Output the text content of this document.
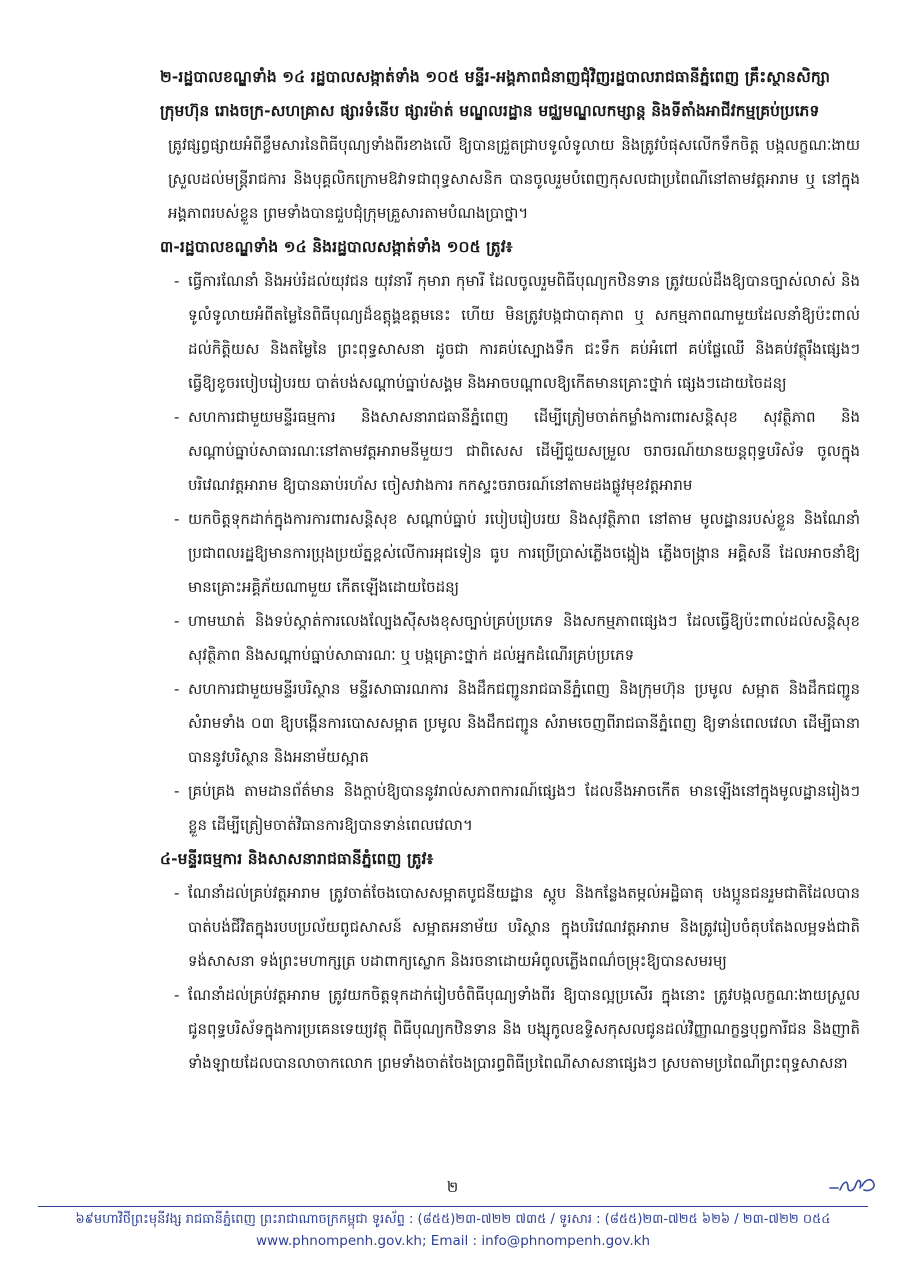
២-រដ្ឋបាលខណ្ឌទាំង ១៤ រដ្ឋបាលសង្កាត់ទាំង ១០៥ មន្ទីរ-អង្គភាពជំនាញជុំវិញរដ្ឋបាលរាជធានីភ្នំពេញ គ្រឹះស្ថានសិក្សា ក្រុមហ៊ុន រោងចក្រ-សហគ្រាស ផ្សារទំនើប ផ្សារម៉ាត់ មណ្ឌលរដ្ឋាន មជ្ឈមណ្ឌលកម្សាន្ត និងទីតាំងអាជីវកម្មគ្រប់ប្រភេទ

ត្រូវផ្សព្វផ្សាយអំពីខ្លឹមសារនៃពិធីបុណ្យទាំងពីរខាងលើ ឱ្យបានជ្រួតជ្រាបទូលំទូលាយ និងត្រូវបំផុសលើកទឹកចិត្ត បង្កលក្ខណៈងាយស្រួលដល់មន្ត្រីរាជការ និងបុគ្គលិកក្រោមឱវាទជាពុទ្ធសាសនិក បានចូលរួមបំពេញកុសលជាប្រពៃណីនៅតាមវត្តអារាម ឬ នៅក្នុងអង្គភាពរបស់ខ្លួន ព្រមទាំងបានជួបជុំក្រុមគ្រួសារតាមបំណងប្រាថ្នា។

៣-រដ្ឋបាលខណ្ឌទាំង ១៤ និងរដ្ឋបាលសង្កាត់ទាំង ១០៥ ត្រូវ៖

- ធ្វើការណែនាំ និងអប់រំដល់យុវជន យុវនារី កុមារា កុមារី ដែលចូលរួមពិធីបុណ្យកឋិនទាន ត្រូវយល់ដឹងឱ្យបានច្បាស់លាស់ និងទូលំទូលាយអំពីតម្លៃនៃពិធីបុណ្យដ៏ឧត្តុង្គឧត្តមនេះ ហើយ មិនត្រូវបង្កជាបាតុភាព ឬ សកម្មភាពណាមួយដែលនាំឱ្យប៉ះពាល់ដល់កិត្តិយស និងតម្លៃនៃ ព្រះពុទ្ធសាសនា ដូចជា ការគប់ស្បោងទឹក ជះទឹក គប់អំពៅ គប់ផ្លែឈើ និងគប់វត្ថុរឹងផ្សេងៗ ធ្វើឱ្យខូចរបៀបរៀបរយ បាត់បង់សណ្តាប់ធ្នាប់សង្គម និងអាចបណ្តាលឱ្យកើតមានគ្រោះថ្នាក់ ផ្សេងៗដោយចៃដន្យ
- សហការជាមួយមន្ទីរធម្មការ និងសាសនារាជធានីភ្នំពេញ ដើម្បីត្រៀមចាត់កម្លាំងការពារសន្តិសុខ សុវត្ថិភាព និងសណ្តាប់ធ្នាប់សាធារណៈនៅតាមវត្តអារាមនីមួយៗ ជាពិសេស ដើម្បីជួយសម្រួល ចរាចរណ៍យានយន្តពុទ្ធបរិស័ទ ចូលក្នុងបរិវេណវត្តអារាម ឱ្យបានឆាប់រហ័ស ចៀសវាងការ កកស្ទះចរាចរណ៍នៅតាមដងផ្លូវមុខវត្តអារាម
- យកចិត្តទុកដាក់ក្នុងការការពារសន្តិសុខ សណ្តាប់ធ្នាប់ របៀបរៀបរយ និងសុវត្ថិភាព នៅតាម មូលដ្ឋានរបស់ខ្លួន និងណែនាំប្រជាពលរដ្ឋឱ្យមានការប្រុងប្រយ័ត្នខ្ពស់លើការអុជទៀន ធូប ការប្រើប្រាស់ភ្លើងចង្កៀង ភ្លើងចង្ក្រាន អគ្គិសនី ដែលអាចនាំឱ្យមានគ្រោះអគ្គិភ័យណាមួយ កើតឡើងដោយចៃដន្យ
- ហាមឃាត់ និងទប់ស្កាត់ការលេងល្បែងស៊ីសងខុសច្បាប់គ្រប់ប្រភេទ និងសកម្មភាពផ្សេងៗ ដែលធ្វើឱ្យប៉ះពាល់ដល់សន្តិសុខ សុវត្ថិភាព និងសណ្តាប់ធ្នាប់សាធារណៈ ឬ បង្កគ្រោះថ្នាក់ ដល់អ្នកដំណើរគ្រប់ប្រភេទ
- សហការជាមួយមន្ទីរបរិស្ថាន មន្ទីរសាធារណការ និងដឹកជញ្ជូនរាជធានីភ្នំពេញ និងក្រុមហ៊ុន ប្រមូល សម្អាត និងដឹកជញ្ជូនសំរាមទាំង ០៣ ឱ្យបង្កើនការបោសសម្អាត ប្រមូល និងដឹកជញ្ជូន សំរាមចេញពីរាជធានីភ្នំពេញ ឱ្យទាន់ពេលវេលា ដើម្បីធានាបាននូវបរិស្ថាន និងអនាម័យស្អាត
- គ្រប់គ្រង តាមដានព័ត៌មាន និងក្តាប់ឱ្យបាននូវរាល់សភាពការណ៍ផ្សេងៗ ដែលនឹងអាចកើត មានឡើងនៅក្នុងមូលដ្ឋានរៀងៗខ្លួន ដើម្បីត្រៀមចាត់វិធានការឱ្យបានទាន់ពេលវេលា។

៤-មន្ទីរធម្មការ និងសាសនារាជធានីភ្នំពេញ ត្រូវ៖

- ណែនាំដល់គ្រប់វត្តអារាម ត្រូវចាត់ចែងបោសសម្អាតបូជនីយដ្ឋាន ស្តូប និងកន្លែងតម្កល់អដ្ឋិធាតុ បងប្អូនជនរួមជាតិដែលបានបាត់បង់ជីវិតក្នុងរបបប្រល័យពូជសាសន៍ សម្អាតអនាម័យ បរិស្ថាន ក្នុងបរិវេណវត្តអារាម និងត្រូវរៀបចំតុបតែងលម្អទង់ជាតិ ទង់សាសនា ទង់ព្រះមហាក្សត្រ បដាពាក្យស្លោក និងរចនាដោយអំពូលភ្លើងពណ៌ចម្រុះឱ្យបានសមរម្យ
- ណែនាំដល់គ្រប់វត្តអារាម ត្រូវយកចិត្តទុកដាក់រៀបចំពិធីបុណ្យទាំងពីរ ឱ្យបានល្អប្រសើរ ក្នុងនោះ ត្រូវបង្កលក្ខណៈងាយស្រួលជូនពុទ្ធបរិស័ទក្នុងការប្រគេនទេយ្យវត្ថុ ពិធីបុណ្យកឋិនទាន និង បង្សុកូលឧទ្ទិសកុសលជូនដល់វិញ្ញាណក្ខន្ធបុព្វការីជន និងញាតិទាំងឡាយដែលបានលាចាកលោក ព្រមទាំងចាត់ចែងប្រារព្ធពិធីប្រពៃណីសាសនាផ្សេងៗ ស្របតាមប្រពៃណីព្រះពុទ្ធសាសនា
២
៦៩មហាវិថីព្រះមុនីវង្ស រាជធានីភ្នំពេញ ព្រះរាជាណាចក្រកម្ពុជា ទូរស័ព្ទ : (៨៥៥)២៣-៧២២ ៧៣៥ / ទូរសារ : (៨៥៥)២៣-៧២៥ ៦២៦ / ២៣-៧២២ ០៥៤
www.phnompenh.gov.kh; Email : info@phnompenh.gov.kh
